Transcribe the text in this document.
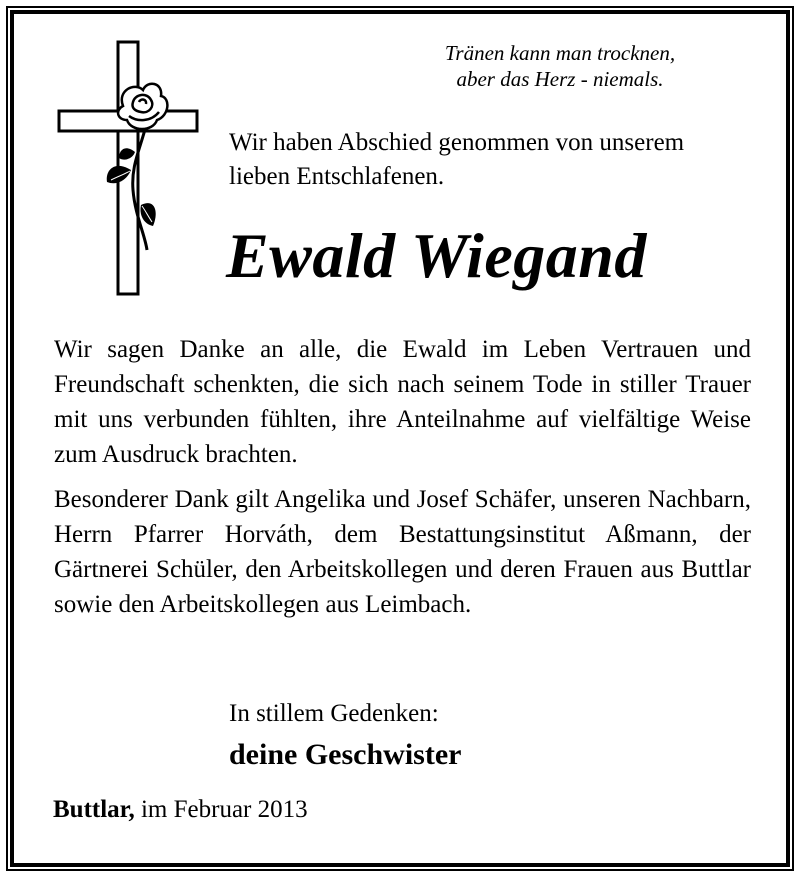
Tränen kann man trocknen,
aber das Herz - niemals.
Wir haben Abschied genommen von unserem
lieben Entschlafenen.
Ewald Wiegand
Wir sagen Danke an alle, die Ewald im Leben Vertrauen und Freundschaft schenkten, die sich nach seinem Tode in stiller Trauer mit uns verbunden fühlten, ihre Anteilnahme auf vielfältige Weise zum Ausdruck brachten.
Besonderer Dank gilt Angelika und Josef Schäfer, unseren Nachbarn, Herrn Pfarrer Horváth, dem Bestattungsinstitut Aßmann, der Gärtnerei Schüler, den Arbeitskollegen und deren Frauen aus Buttlar sowie den Arbeitskollegen aus Leimbach.
In stillem Gedenken:
deine Geschwister
Buttlar, im Februar 2013
